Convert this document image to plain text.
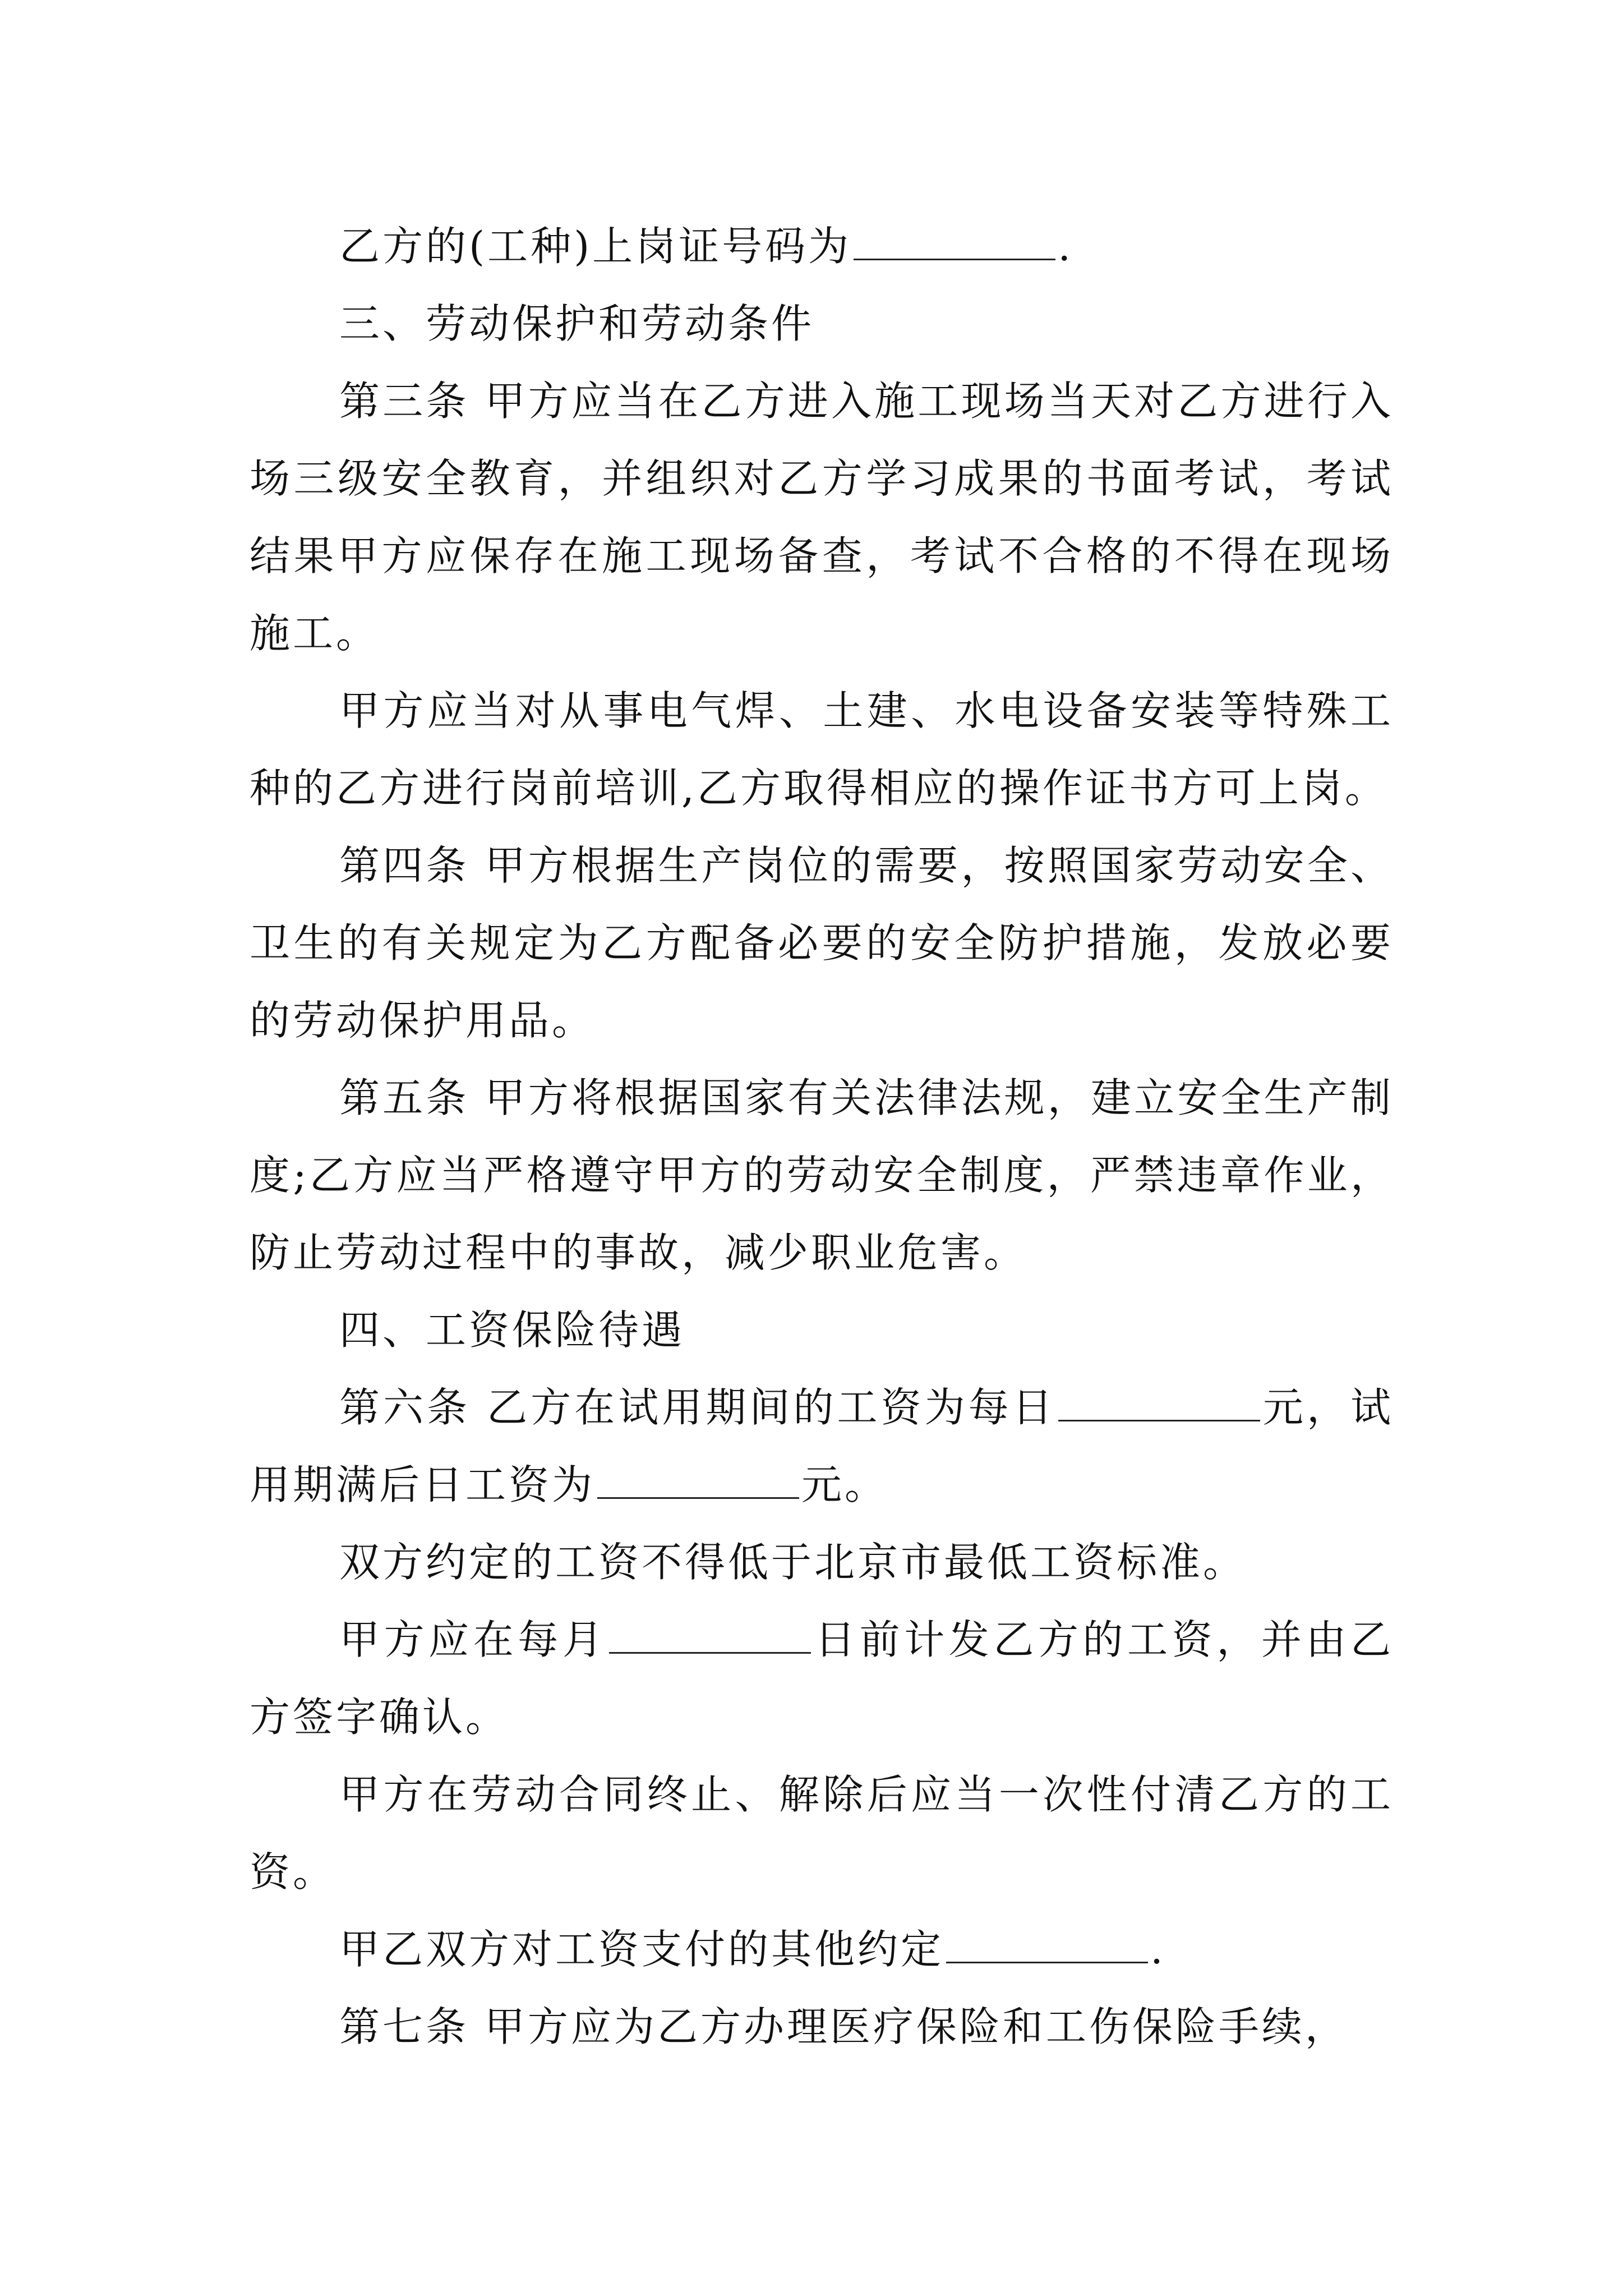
乙方的(工种)上岗证号码为	.

三、劳动保护和劳动条件

第三条 甲方应当在乙方进入施工现场当天对乙方进行入场三级安全教育，并组织对乙方学习成果的书面考试，考试结果甲方应保存在施工现场备查，考试不合格的不得在现场施工。

甲方应当对从事电气焊、土建、水电设备安装等特殊工种的乙方进行岗前培训,乙方取得相应的操作证书方可上岗。

第四条 甲方根据生产岗位的需要，按照国家劳动安全、卫生的有关规定为乙方配备必要的安全防护措施，发放必要的劳动保护用品。

第五条 甲方将根据国家有关法律法规，建立安全生产制度;乙方应当严格遵守甲方的劳动安全制度，严禁违章作业，防止劳动过程中的事故，减少职业危害。

四、工资保险待遇

第六条 乙方在试用期间的工资为每日	元，试用期满后日工资为	元。

双方约定的工资不得低于北京市最低工资标准。

甲方应在每月	日前计发乙方的工资，并由乙方签字确认。

甲方在劳动合同终止、解除后应当一次性付清乙方的工资。

甲乙双方对工资支付的其他约定	.

第七条 甲方应为乙方办理医疗保险和工伤保险手续，
